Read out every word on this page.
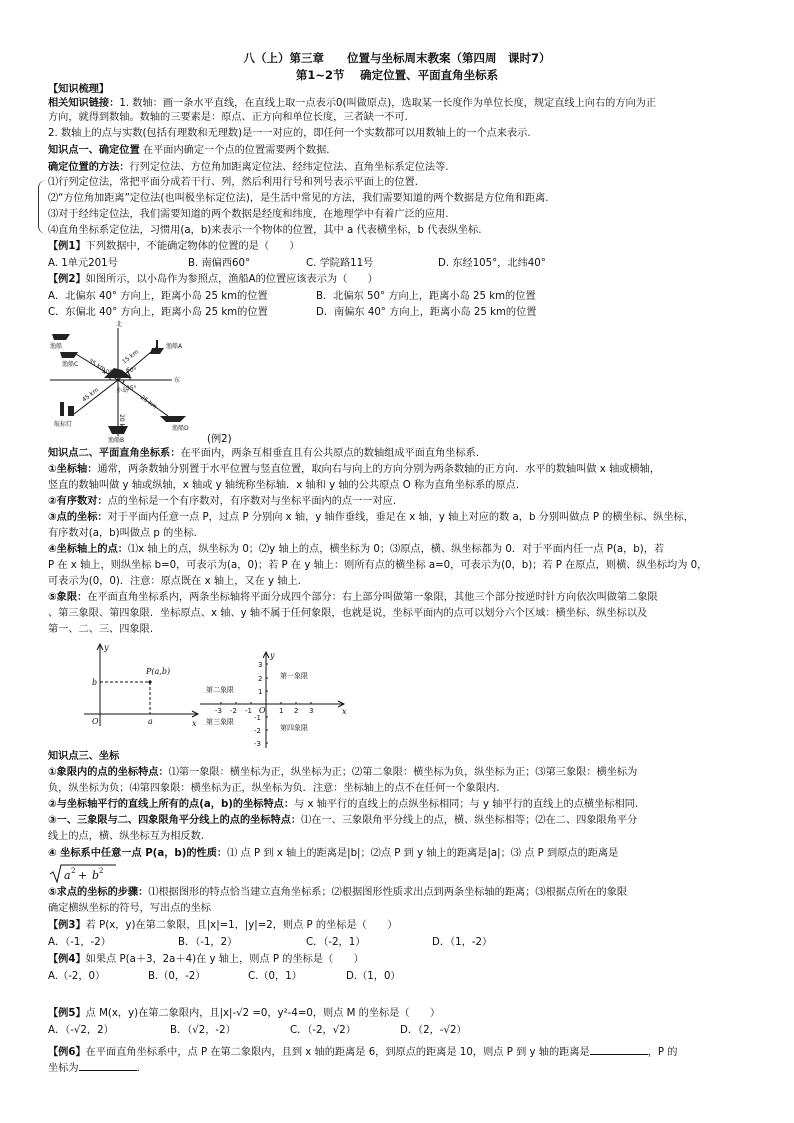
八（上）第三章　　位置与坐标周末教案（第四周　课时7）
第1~2节　 确定位置、平面直角坐标系
【知识梳理】
相关知识链接：1. 数轴：画一条水平直线，在直线上取一点表示0(叫做原点)，选取某一长度作为单位长度，规定直线上向右的方向为正
方向，就得到数轴。数轴的三要素是：原点、正方向和单位长度，三者缺一不可.
2. 数轴上的点与实数(包括有理数和无理数)是一一对应的，即任何一个实数都可以用数轴上的一个点来表示.
知识点一、确定位置 在平面内确定一个点的位置需要两个数据.
确定位置的方法：行列定位法、方位角加距离定位法、经纬定位法、直角坐标系定位法等.
⑴行列定位法，常把平面分成若干行、列，然后利用行号和列号表示平面上的位置.
⑵“方位角加距离”定位法(也叫极坐标定位法)，是生活中常见的方法，我们需要知道的两个数据是方位角和距离.
⑶对于经纬定位法，我们需要知道的两个数据是经度和纬度，在地理学中有着广泛的应用.
⑷直角坐标系定位法，习惯用(a，b)来表示一个物体的位置，其中 a 代表横坐标，b 代表纵坐标.
【例1】下列数据中，不能确定物体的位置的是（　　）
A. 1单元201号	B. 南偏西60°	C. 学院路11号	D. 东经105°，北纬40°
【例2】如图所示，以小岛作为参照点，渔船A的位置应该表示为（　　）
A．北偏东 40° 方向上，距离小岛 25 km的位置	B．北偏东 50° 方向上，距离小岛 25 km的位置
C．东偏北 40° 方向上，距离小岛 25 km的位置	D．南偏东 40° 方向上，距离小岛 25 km的位置
北
东
小岛
渔船A
渔船
渔船C
航标灯
渔船B
渔船D
15 km
35 km
45 km
20 km
25 km
60°
40°
35°
(例2)
知识点二、平面直角坐标系：在平面内，两条互相垂直且有公共原点的数轴组成平面直角坐标系.
①坐标轴：通常，两条数轴分别置于水平位置与竖直位置，取向右与向上的方向分别为两条数轴的正方向．水平的数轴叫做 x 轴或横轴，
竖直的数轴叫做 y 轴或纵轴，x 轴或 y 轴统称坐标轴．x 轴和 y 轴的公共原点 O 称为直角坐标系的原点.
②有序数对：点的坐标是一个有序数对，有序数对与坐标平面内的点一一对应.
③点的坐标：对于平面内任意一点 P，过点 P 分别向 x 轴，y 轴作垂线，垂足在 x 轴，y 轴上对应的数 a，b 分别叫做点 P 的横坐标、纵坐标，
有序数对(a，b)叫做点 p 的坐标.
④坐标轴上的点：⑴x 轴上的点，纵坐标为 0；⑵y 轴上的点，横坐标为 0；⑶原点，横、纵坐标都为 0．对于平面内任一点 P(a，b)，若
P 在 x 轴上，则纵坐标 b=0，可表示为(a，0)；若 P 在 y 轴上：则所有点的横坐标 a=0，可表示为(0，b)；若 P 在原点，则横、纵坐标均为 0，
可表示为(0，0)．注意：原点既在 x 轴上，又在 y 轴上.
⑤象限：在平面直角坐标系内，两条坐标轴将平面分成四个部分：右上部分叫做第一象限，其他三个部分按逆时针方向依次叫做第二象限
、第三象限、第四象限．坐标原点、x 轴、y 轴不属于任何象限，也就是说，坐标平面内的点可以划分六个区域：横坐标、纵坐标以及
第一、二、三、四象限.
O	x
y
P(a,b)
a
b
第二象限
第一象限
第三象限
第四象限
-3 -2 -1	1 2 3
3
2
1
-1
-2
-3
O	x
y
知识点三、坐标
①象限内的点的坐标特点：⑴第一象限：横坐标为正，纵坐标为正；⑵第二象限：横坐标为负，纵坐标为正；⑶第三象限：横坐标为
负，纵坐标为负；⑷第四象限：横坐标为正，纵坐标为负．注意：坐标轴上的点不在任何一个象限内.
②与坐标轴平行的直线上所有的点(a，b)的坐标特点：与 x 轴平行的直线上的点纵坐标相同；与 y 轴平行的直线上的点横坐标相同.
③一、三象限与二、四象限角平分线上的点的坐标特点：⑴在一、三象限角平分线上的点，横、纵坐标相等；⑵在二、四象限角平分
线上的点，横、纵坐标互为相反数.
④ 坐标系中任意一点 P(a，b)的性质：⑴ 点 P 到 x 轴上的距离是|b|；⑵点 P 到 y 轴上的距离是|a|；⑶ 点 P 到原点的距离是
a 2 + b 2
⑤求点的坐标的步骤：⑴根据图形的特点恰当建立直角坐标系；⑵根据图形性质求出点到两条坐标轴的距离；⑶根据点所在的象限
确定横纵坐标的符号，写出点的坐标
【例3】若 P(x，y)在第二象限，且|x|=1，|y|=2，则点 P 的坐标是（　　）
A．（-1，-2）	B．（-1，2）	C．（-2，1）	D．（1，-2）
【例4】如果点 P(a＋3，2a＋4)在 y 轴上，则点 P 的坐标是（　　）
A.（-2，0）	B.（0，-2）	C.（0，1）	D.（1，0）
【例5】点 M(x，y)在第二象限内，且|x|-√2 =0，y²-4=0，则点 M 的坐标是（　　）
A．（-√2，2）	B．（√2，-2）	C．（-2，√2）	D．（2，-√2）
【例6】在平面直角坐标系中，点 P 在第二象限内，且到 x 轴的距离是 6，到原点的距离是 10，则点 P 到 y 轴的距离是	，P 的
坐标为	.
